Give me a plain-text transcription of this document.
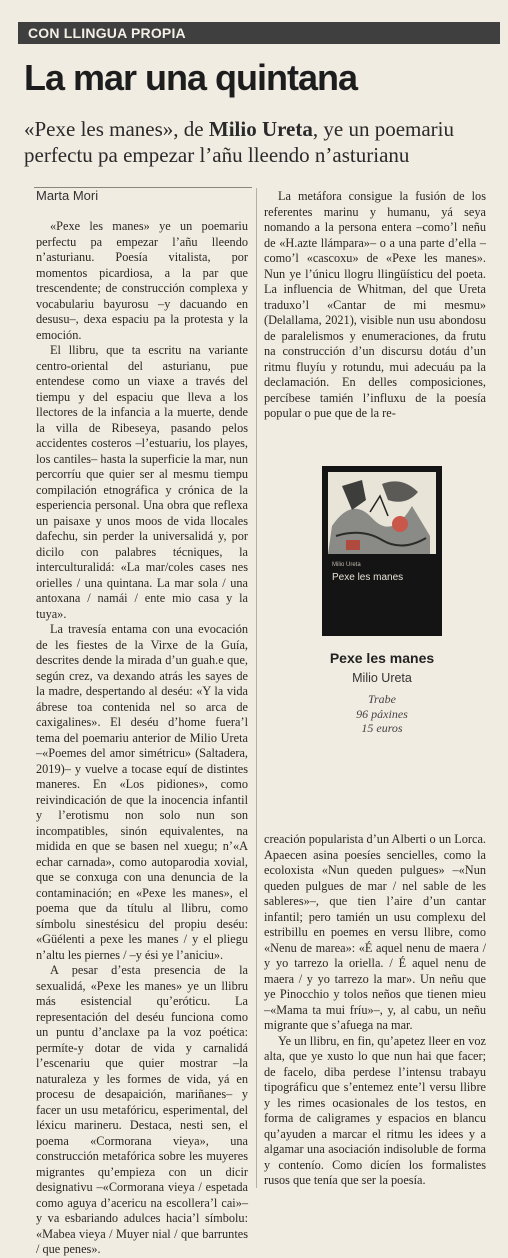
CON LLINGUA PROPIA
La mar una quintana
«Pexe les manes», de Milio Ureta, ye un poemariu perfectu pa empezar l’añu lleendo n’asturianu
Marta Mori

«Pexe les manes» ye un poemariu perfectu pa empezar l’añu lleendo n’asturianu. Poesía vitalista, por momentos picardiosa, a la par que trescendente; de construcción complexa y vocabulariu bayurosu –y dacuando en desusu–, dexa espaciu pa la protesta y la emoción.

El llibru, que ta escritu na variante centro-oriental del asturianu, pue entendese como un viaxe a través del tiempu y del espaciu que lleva a los llectores de la infancia a la muerte, dende la villa de Ribeseya, pasando pelos accidentes costeros –l’estuariu, los playes, los cantiles– hasta la superficie la mar, nun percorríu que quier ser al mesmu tiempu compilación etnográfica y crónica de la esperiencia personal. Una obra que reflexa un paisaxe y unos moos de vida llocales dafechu, sin perder la universalidá y, por dicilo con palabres técniques, la interculturalidá: «La mar/coles cases nes orielles / una quintana. La mar sola / una antoxana / namái / ente mio casa y la tuya».

La travesía entama con una evocación de les fiestes de la Virxe de la Guía, descrites dende la mirada d’un guah.e que, según crez, va dexando atrás les sayes de la madre, despertando al deséu: «Y la vida ábrese toa contenida nel so arca de caxigalines». El deséu d’home fuera’l tema del poemariu anterior de Milio Ureta –«Poemes del amor simétricu» (Saltadera, 2019)– y vuelve a tocase equí de distintes maneres. En «Los pidiones», como reivindicación de que la inocencia infantil y l’erotismu non solo nun son incompatibles, sinón equivalentes, na midida en que se basen nel xuegu; n’«A echar carnada», como autoparodia xovial, que se conxuga con una denuncia de la contaminación; en «Pexe les manes», el poema que da títulu al llibru, como símbolu sinestésicu del propiu deséu: «Güélenti a pexe les manes / y el pliegu n’altu les piernes / –y ési ye l’aniciu».

A pesar d’esta presencia de la sexualidá, «Pexe les manes» ye un llibru más esistencial qu’eróticu. La representación del deséu funciona como un puntu d’anclaxe pa la voz poética: permíte-y dotar de vida y carnalidá l’escenariu que quier mostrar –la naturaleza y les formes de vida, yá en procesu de desapaición, mariñanes– y facer un usu metafóricu, esperimental, del léxicu marineru. Destaca, nesti sen, el poema «Cormorana vieya», una construcción metafórica sobre les muyeres migrantes qu’empieza con un dicir designativu –«Cormorana vieya / espetada como aguya d’acericu na escollera’l cai»– y va esbariando adulces hacia’l símbolu: «Mabea vieya / Muyer nial / que barruntes / que penes».

La metáfora consigue la fusión de los referentes marinu y humanu, yá seya nomando a la persona entera –como’l neñu de «H.azte llámpara»– o a una parte d’ella –como’l «cascoxu» de «Pexe les manes». Nun ye l’únicu llogru llingüísticu del poeta. La influencia de Whitman, del que Ureta traduxo’l «Cantar de mi mesmu» (Delallama, 2021), visible nun usu abondosu de paralelismos y enumeraciones, da frutu na construcción d’un discursu dotáu d’un ritmu fluyíu y rotundu, mui adecuáu pa la declamación. En delles composiciones, percíbese tamién l’influxu de la poesía popular o pue que de la re-

Milio Ureta
Pexe les manes
Pexe les manes
Milio Ureta
Trabe
96 páxines
15 euros

creación popularista d’un Alberti o un Lorca. Apaecen asina poesíes sencielles, como la ecoloxista «Nun queden pulgues» –«Nun queden pulgues de mar / nel sable de les sableres»–, que tien l’aire d’un cantar infantil; pero tamién un usu complexu del estribillu en poemes en versu llibre, como «Nenu de marea»: «É aquel nenu de maera / y yo tarrezo la oriella. / É aquel nenu de maera / y yo tarrezo la mar». Un neñu que ye Pinocchio y tolos neños que tienen mieu –«Mama ta mui fríu»–, y, al cabu, un neñu migrante que s’afuega na mar.

Ye un llibru, en fin, qu’apetez lleer en voz alta, que ye xusto lo que nun hai que facer; de facelo, diba perdese l’intensu trabayu tipográficu que s’entemez ente’l versu llibre y les rimes ocasionales de los testos, en forma de caligrames y espacios en blancu qu’ayuden a marcar el ritmu les idees y a algamar una asociación indisoluble de forma y contenío. Como dicíen los formalistes rusos que tenía que ser la poesía.
